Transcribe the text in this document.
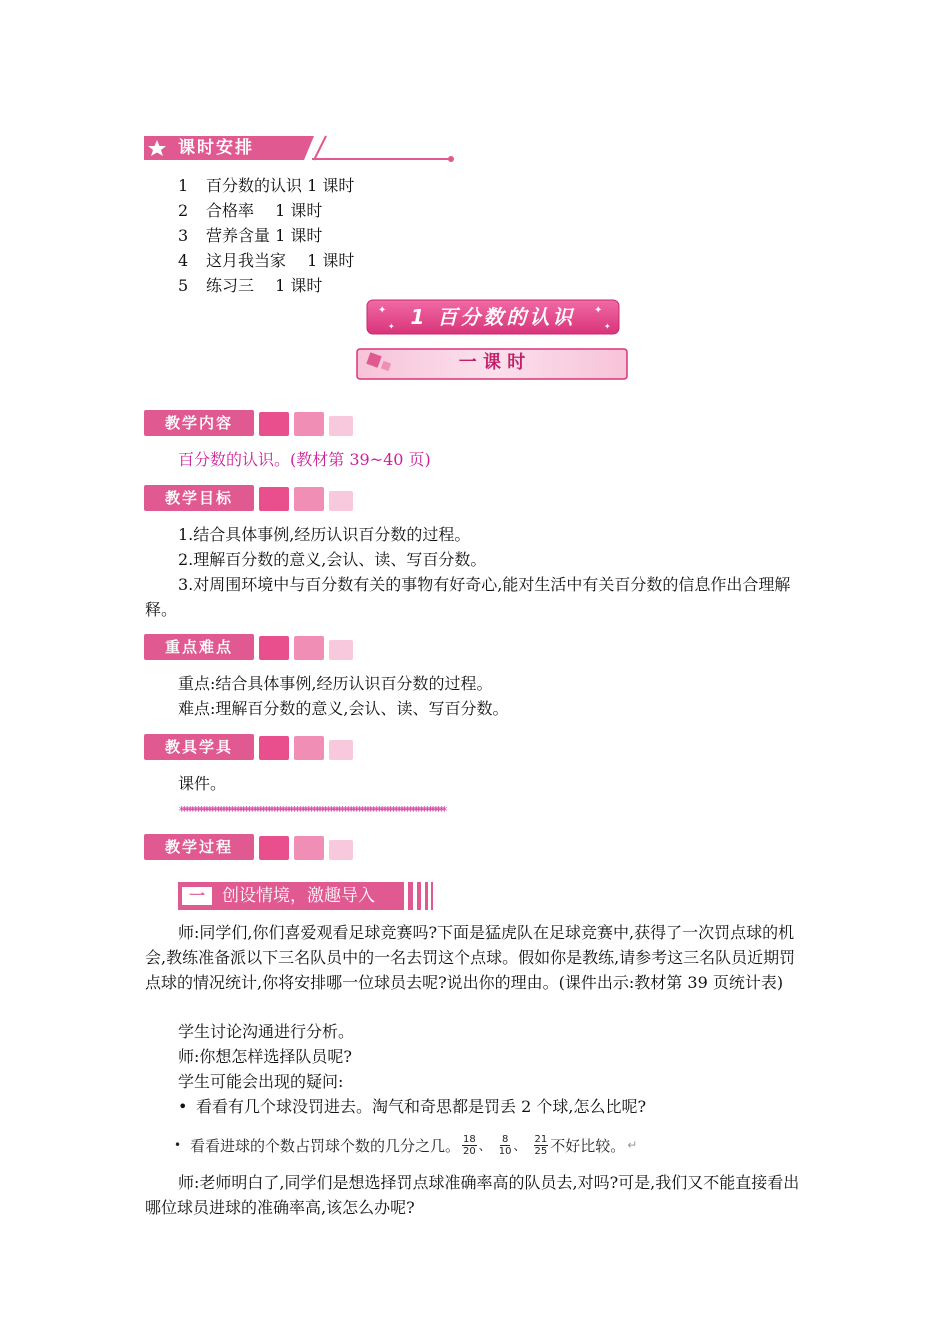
课时安排
1 百分数的认识 1 课时
2 合格率　 1 课时
3 营养含量 1 课时
4 这月我当家　 1 课时
5 练习三　 1 课时
✦
✦
✦
✦
1 百分数的认识
一 课 时
教学内容
百分数的认识。(教材第 39~40 页)
教学目标
1.结合具体事例,经历认识百分数的过程。
2.理解百分数的意义,会认、读、写百分数。
3.对周围环境中与百分数有关的事物有好奇心,能对生活中有关百分数的信息作出合理解释。
重点难点
重点:结合具体事例,经历认识百分数的过程。
难点:理解百分数的意义,会认、读、写百分数。
教具学具
课件。
**********************************************************************************************
教学过程
一	创设情境，激趣导入
师:同学们,你们喜爱观看足球竞赛吗?下面是猛虎队在足球竞赛中,获得了一次罚点球的机会,教练准备派以下三名队员中的一名去罚这个点球。假如你是教练,请参考这三名队员近期罚点球的情况统计,你将安排哪一位球员去呢?说出你的理由。(课件出示:教材第 39 页统计表)
学生讨论沟通进行分析。
师:你想怎样选择队员呢?
学生可能会出现的疑问:
• 看看有几个球没罚进去。淘气和奇思都是罚丢 2 个球,怎么比呢?
• 看看进球的个数占罚球个数的几分之几。 18
20 、 8
10 、 21
25 不好比较。 ↵
师:老师明白了,同学们是想选择罚点球准确率高的队员去,对吗?可是,我们又不能直接看出哪位球员进球的准确率高,该怎么办呢?
